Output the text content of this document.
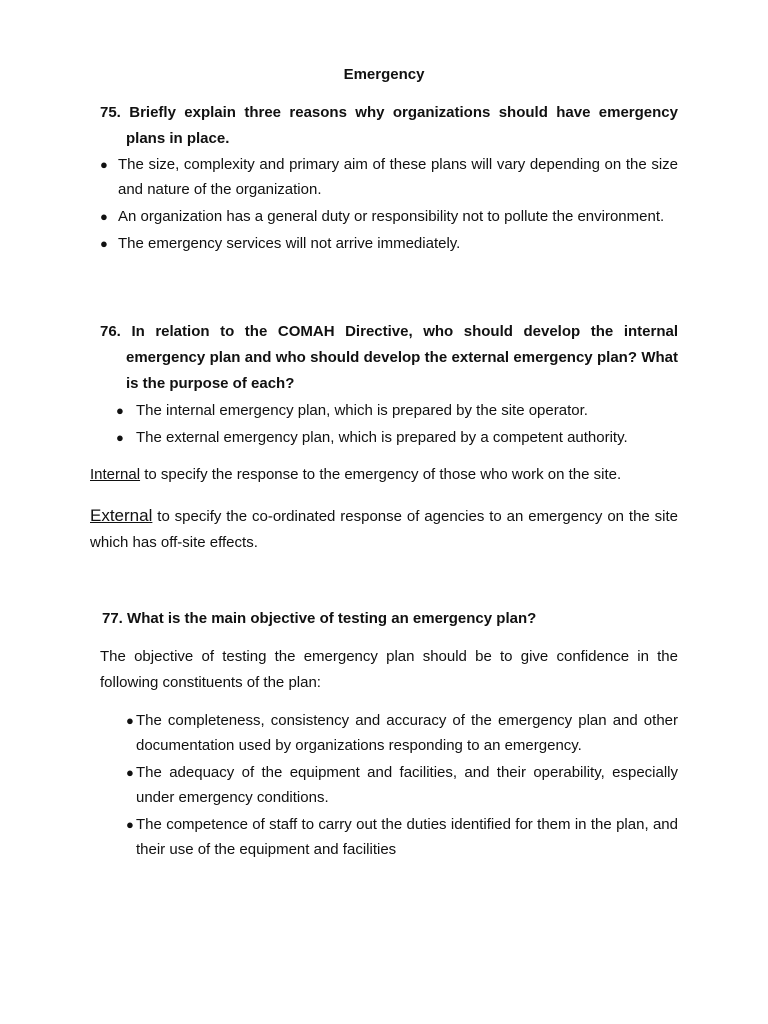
Emergency
75. Briefly explain three reasons why organizations should have emergency plans in place.
● The size, complexity and primary aim of these plans will vary depending on the size and nature of the organization.
● An organization has a general duty or responsibility not to pollute the environment.
● The emergency services will not arrive immediately.
76. In relation to the COMAH Directive, who should develop the internal emergency plan and who should develop the external emergency plan? What is the purpose of each?
● The internal emergency plan, which is prepared by the site operator.
● The external emergency plan, which is prepared by a competent authority.
Internal to specify the response to the emergency of those who work on the site.
External to specify the co-ordinated response of agencies to an emergency on the site which has off-site effects.
77. What is the main objective of testing an emergency plan?
The objective of testing the emergency plan should be to give confidence in the following constituents of the plan:
● The completeness, consistency and accuracy of the emergency plan and other documentation used by organizations responding to an emergency.
● The adequacy of the equipment and facilities, and their operability, especially under emergency conditions.
● The competence of staff to carry out the duties identified for them in the plan, and their use of the equipment and facilities
